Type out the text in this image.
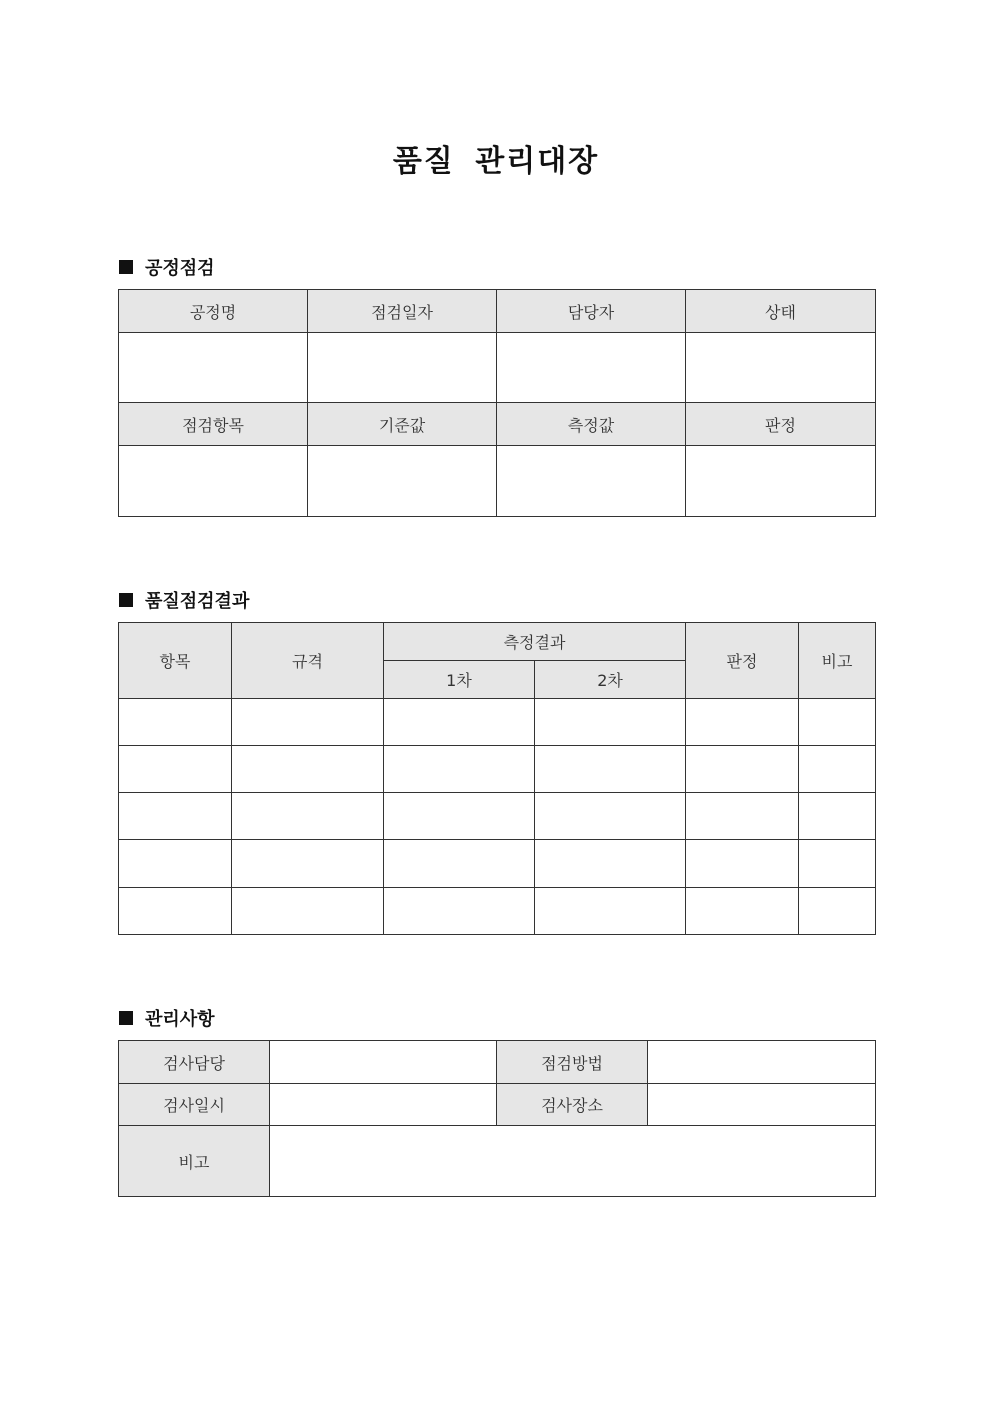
품질 관리대장
공정점검
공정명	점검일자	담당자	상태

점검항목	기준값	측정값	판정

품질점검결과
항목	규격	측정결과		판정	비고
		1차	2차		

관리사항
검사담당		점검방법	
검사일시		검사장소	
비고			
